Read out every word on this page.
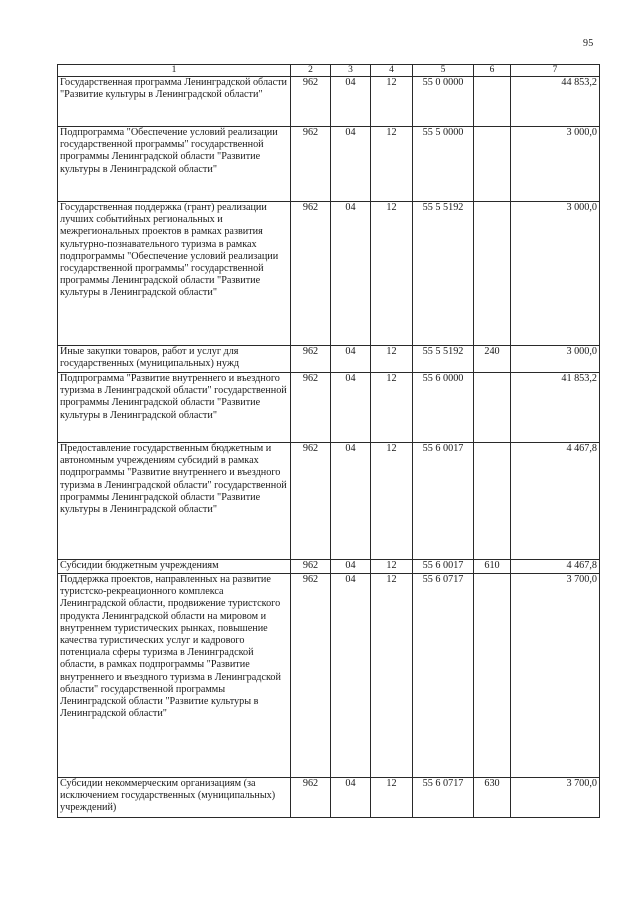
95
1	2	3	4	5	6	7
Государственная программа Ленинградской области "Развитие культуры в Ленинградской области"	962	04	12	55 0 0000		44 853,2
Подпрограмма "Обеспечение условий реализации государственной программы" государственной программы Ленинградской области "Развитие культуры в Ленинградской области"	962	04	12	55 5 0000		3 000,0
Государственная поддержка (грант) реализации лучших событийных региональных и межрегиональных проектов в рамках развития культурно-познавательного туризма в рамках подпрограммы "Обеспечение условий реализации государственной программы" государственной программы Ленинградской области "Развитие культуры в Ленинградской области"	962	04	12	55 5 5192		3 000,0
Иные закупки товаров, работ и услуг для государственных (муниципальных) нужд	962	04	12	55 5 5192	240	3 000,0
Подпрограмма "Развитие внутреннего и въездного туризма в Ленинградской области" государственной программы Ленинградской области "Развитие культуры в Ленинградской области"	962	04	12	55 6 0000		41 853,2
Предоставление государственным бюджетным и автономным учреждениям субсидий в рамках подпрограммы "Развитие внутреннего и въездного туризма в Ленинградской области" государственной программы Ленинградской области "Развитие культуры в Ленинградской области"	962	04	12	55 6 0017		4 467,8
Субсидии бюджетным учреждениям	962	04	12	55 6 0017	610	4 467,8
Поддержка проектов, направленных на развитие туристско-рекреационного комплекса Ленинградской области, продвижение туристского продукта Ленинградской области на мировом и внутреннем туристических рынках, повышение качества туристических услуг и кадрового потенциала сферы туризма в Ленинградской области, в рамках подпрограммы "Развитие внутреннего и въездного туризма в Ленинградской области" государственной программы Ленинградской области "Развитие культуры в Ленинградской области"	962	04	12	55 6 0717		3 700,0
Субсидии некоммерческим организациям (за исключением государственных (муниципальных) учреждений)	962	04	12	55 6 0717	630	3 700,0
